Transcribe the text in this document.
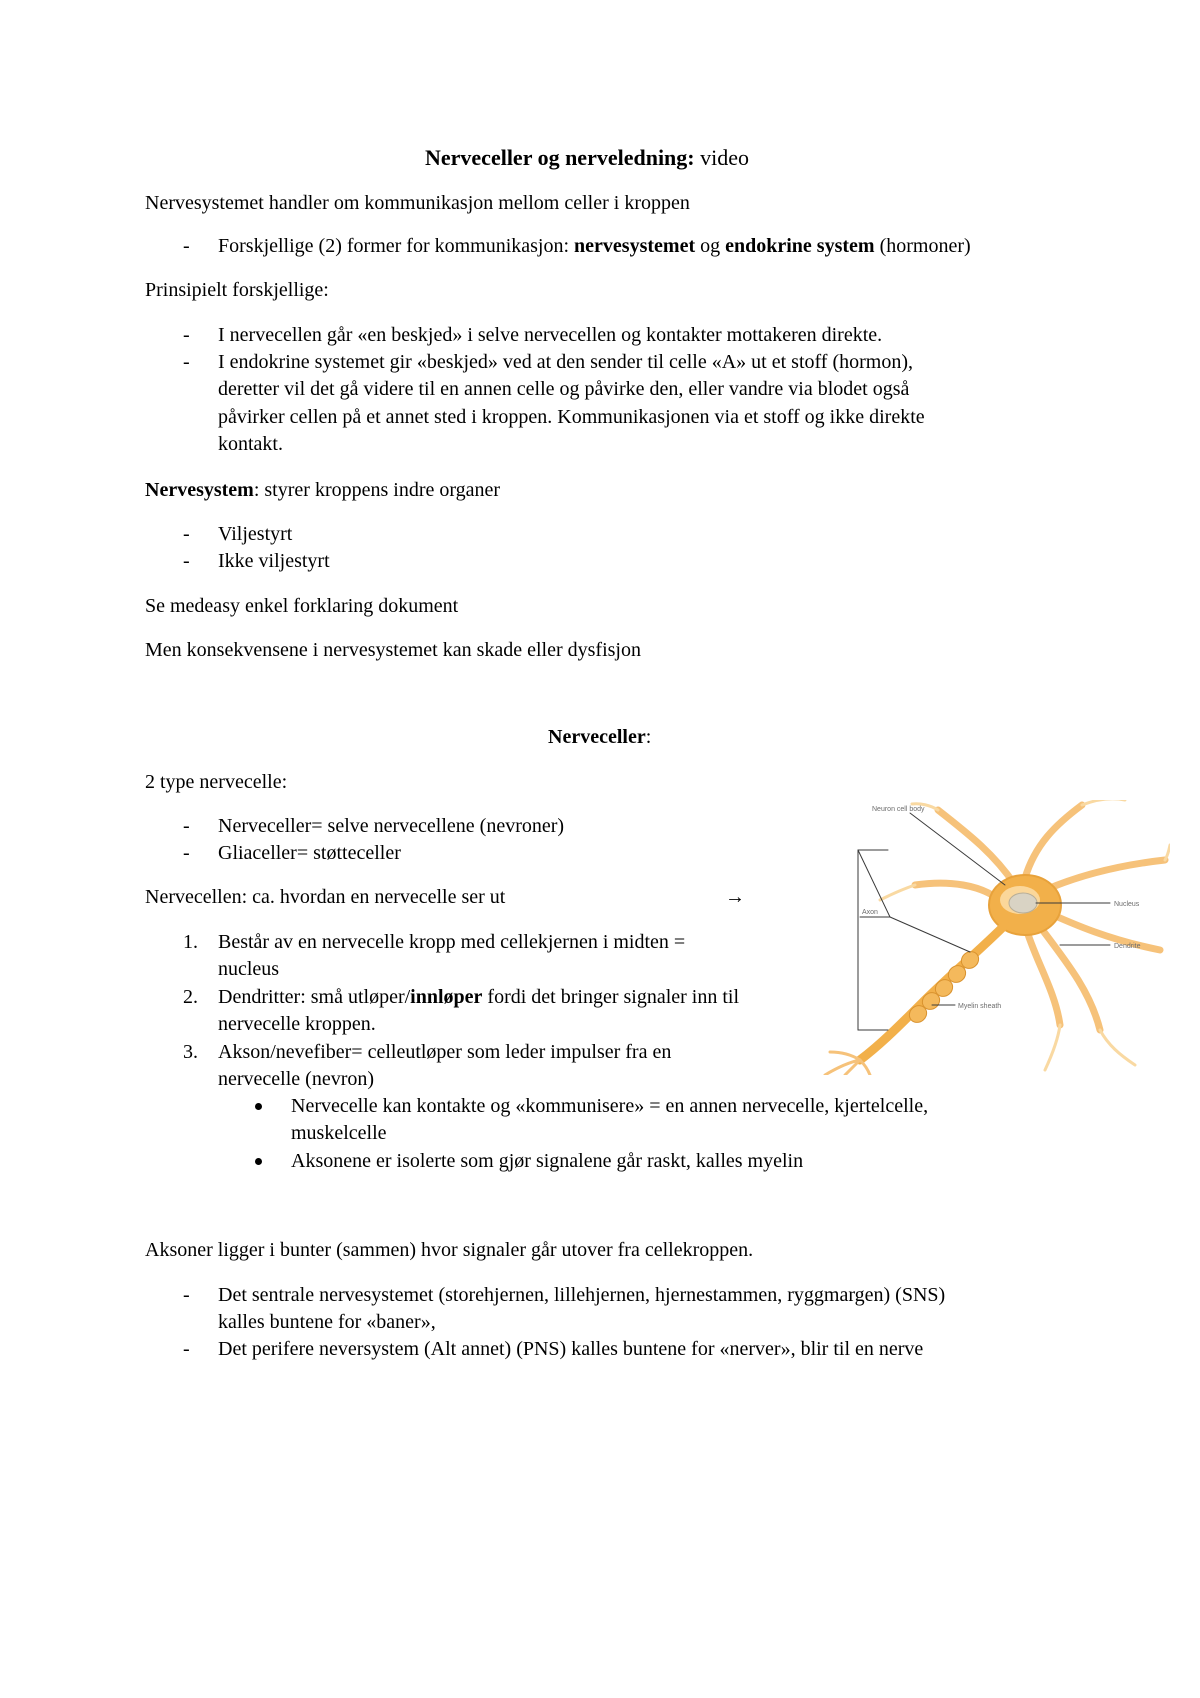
Nerveceller og nerveledning: video
Nervesystemet handler om kommunikasjon mellom celler i kroppen
- Forskjellige (2) former for kommunikasjon: nervesystemet og endokrine system (hormoner)
Prinsipielt forskjellige:
- I nervecellen går «en beskjed» i selve nervecellen og kontakter mottakeren direkte.
- I endokrine systemet gir «beskjed» ved at den sender til celle «A» ut et stoff (hormon),
deretter vil det gå videre til en annen celle og påvirke den, eller vandre via blodet også
påvirker cellen på et annet sted i kroppen. Kommunikasjonen via et stoff og ikke direkte
kontakt.
Nervesystem: styrer kroppens indre organer
- Viljestyrt
- Ikke viljestyrt
Se medeasy enkel forklaring dokument
Men konsekvensene i nervesystemet kan skade eller dysfisjon
Nerveceller:
2 type nervecelle:
- Nerveceller= selve nervecellene (nevroner)
- Gliaceller= støtteceller
Nervecellen: ca. hvordan en nervecelle ser ut	→
1. Består av en nervecelle kropp med cellekjernen i midten =
nucleus
2. Dendritter: små utløper/innløper fordi det bringer signaler inn til
nervecelle kroppen.
3. Akson/nevefiber= celleutløper som leder impulser fra en
nervecelle (nevron)
Nervecelle kan kontakte og «kommunisere» = en annen nervecelle, kjertelcelle,
muskelcelle
Aksonene er isolerte som gjør signalene går raskt, kalles myelin
Aksoner ligger i bunter (sammen) hvor signaler går utover fra cellekroppen.
- Det sentrale nervesystemet (storehjernen, lillehjernen, hjernestammen, ryggmargen) (SNS)
kalles buntene for «baner»,
- Det perifere neversystem (Alt annet) (PNS) kalles buntene for «nerver», blir til en nerve
Neuron cell body
Nucleus
Dendrite
Axon
Myelin sheath
